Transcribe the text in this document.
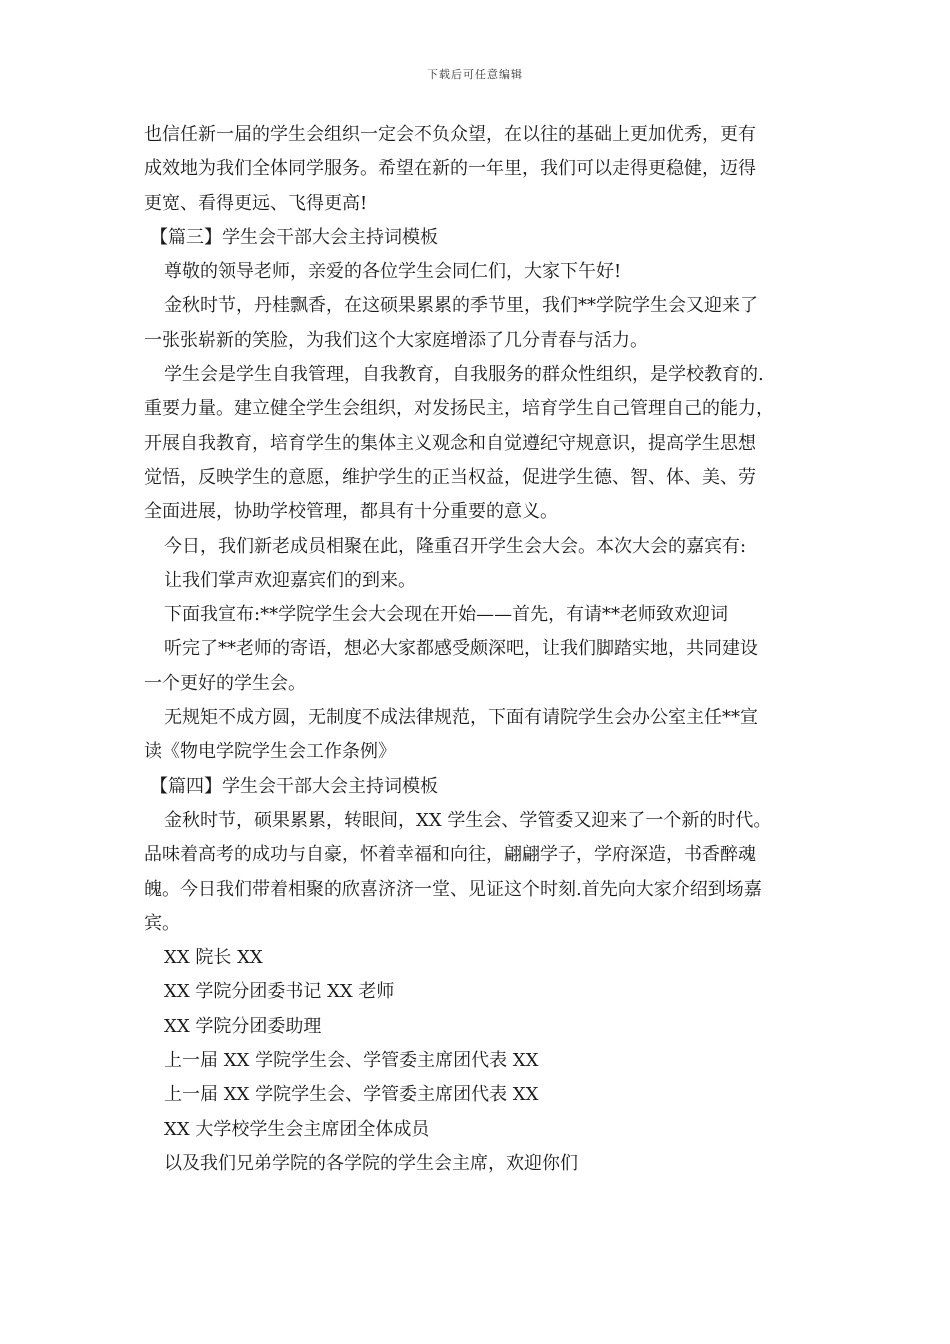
下载后可任意编辑
也信任新一届的学生会组织一定会不负众望，在以往的基础上更加优秀，更有
成效地为我们全体同学服务。希望在新的一年里，我们可以走得更稳健，迈得
更宽、看得更远、飞得更高!
【篇三】学生会干部大会主持词模板
尊敬的领导老师，亲爱的各位学生会同仁们，大家下午好!
金秋时节，丹桂飘香，在这硕果累累的季节里，我们**学院学生会又迎来了
一张张崭新的笑脸，为我们这个大家庭增添了几分青春与活力。
学生会是学生自我管理，自我教育，自我服务的群众性组织，是学校教育的.
重要力量。建立健全学生会组织，对发扬民主，培育学生自己管理自己的能力，
开展自我教育，培育学生的集体主义观念和自觉遵纪守规意识，提高学生思想
觉悟，反映学生的意愿，维护学生的正当权益，促进学生德、智、体、美、劳
全面进展，协助学校管理，都具有十分重要的意义。
今日，我们新老成员相聚在此，隆重召开学生会大会。本次大会的嘉宾有:
让我们掌声欢迎嘉宾们的到来。
下面我宣布:**学院学生会大会现在开始——首先，有请**老师致欢迎词
听完了**老师的寄语，想必大家都感受颇深吧，让我们脚踏实地，共同建设
一个更好的学生会。
无规矩不成方圆，无制度不成法律规范，下面有请院学生会办公室主任**宣
读《物电学院学生会工作条例》
【篇四】学生会干部大会主持词模板
金秋时节，硕果累累，转眼间，XX 学生会、学管委又迎来了一个新的时代。
品味着高考的成功与自豪，怀着幸福和向往，翩翩学子，学府深造，书香醉魂
魄。今日我们带着相聚的欣喜济济一堂、见证这个时刻.首先向大家介绍到场嘉
宾。
XX 院长 XX
XX 学院分团委书记 XX 老师
XX 学院分团委助理
上一届 XX 学院学生会、学管委主席团代表 XX
上一届 XX 学院学生会、学管委主席团代表 XX
XX 大学校学生会主席团全体成员
以及我们兄弟学院的各学院的学生会主席，欢迎你们
